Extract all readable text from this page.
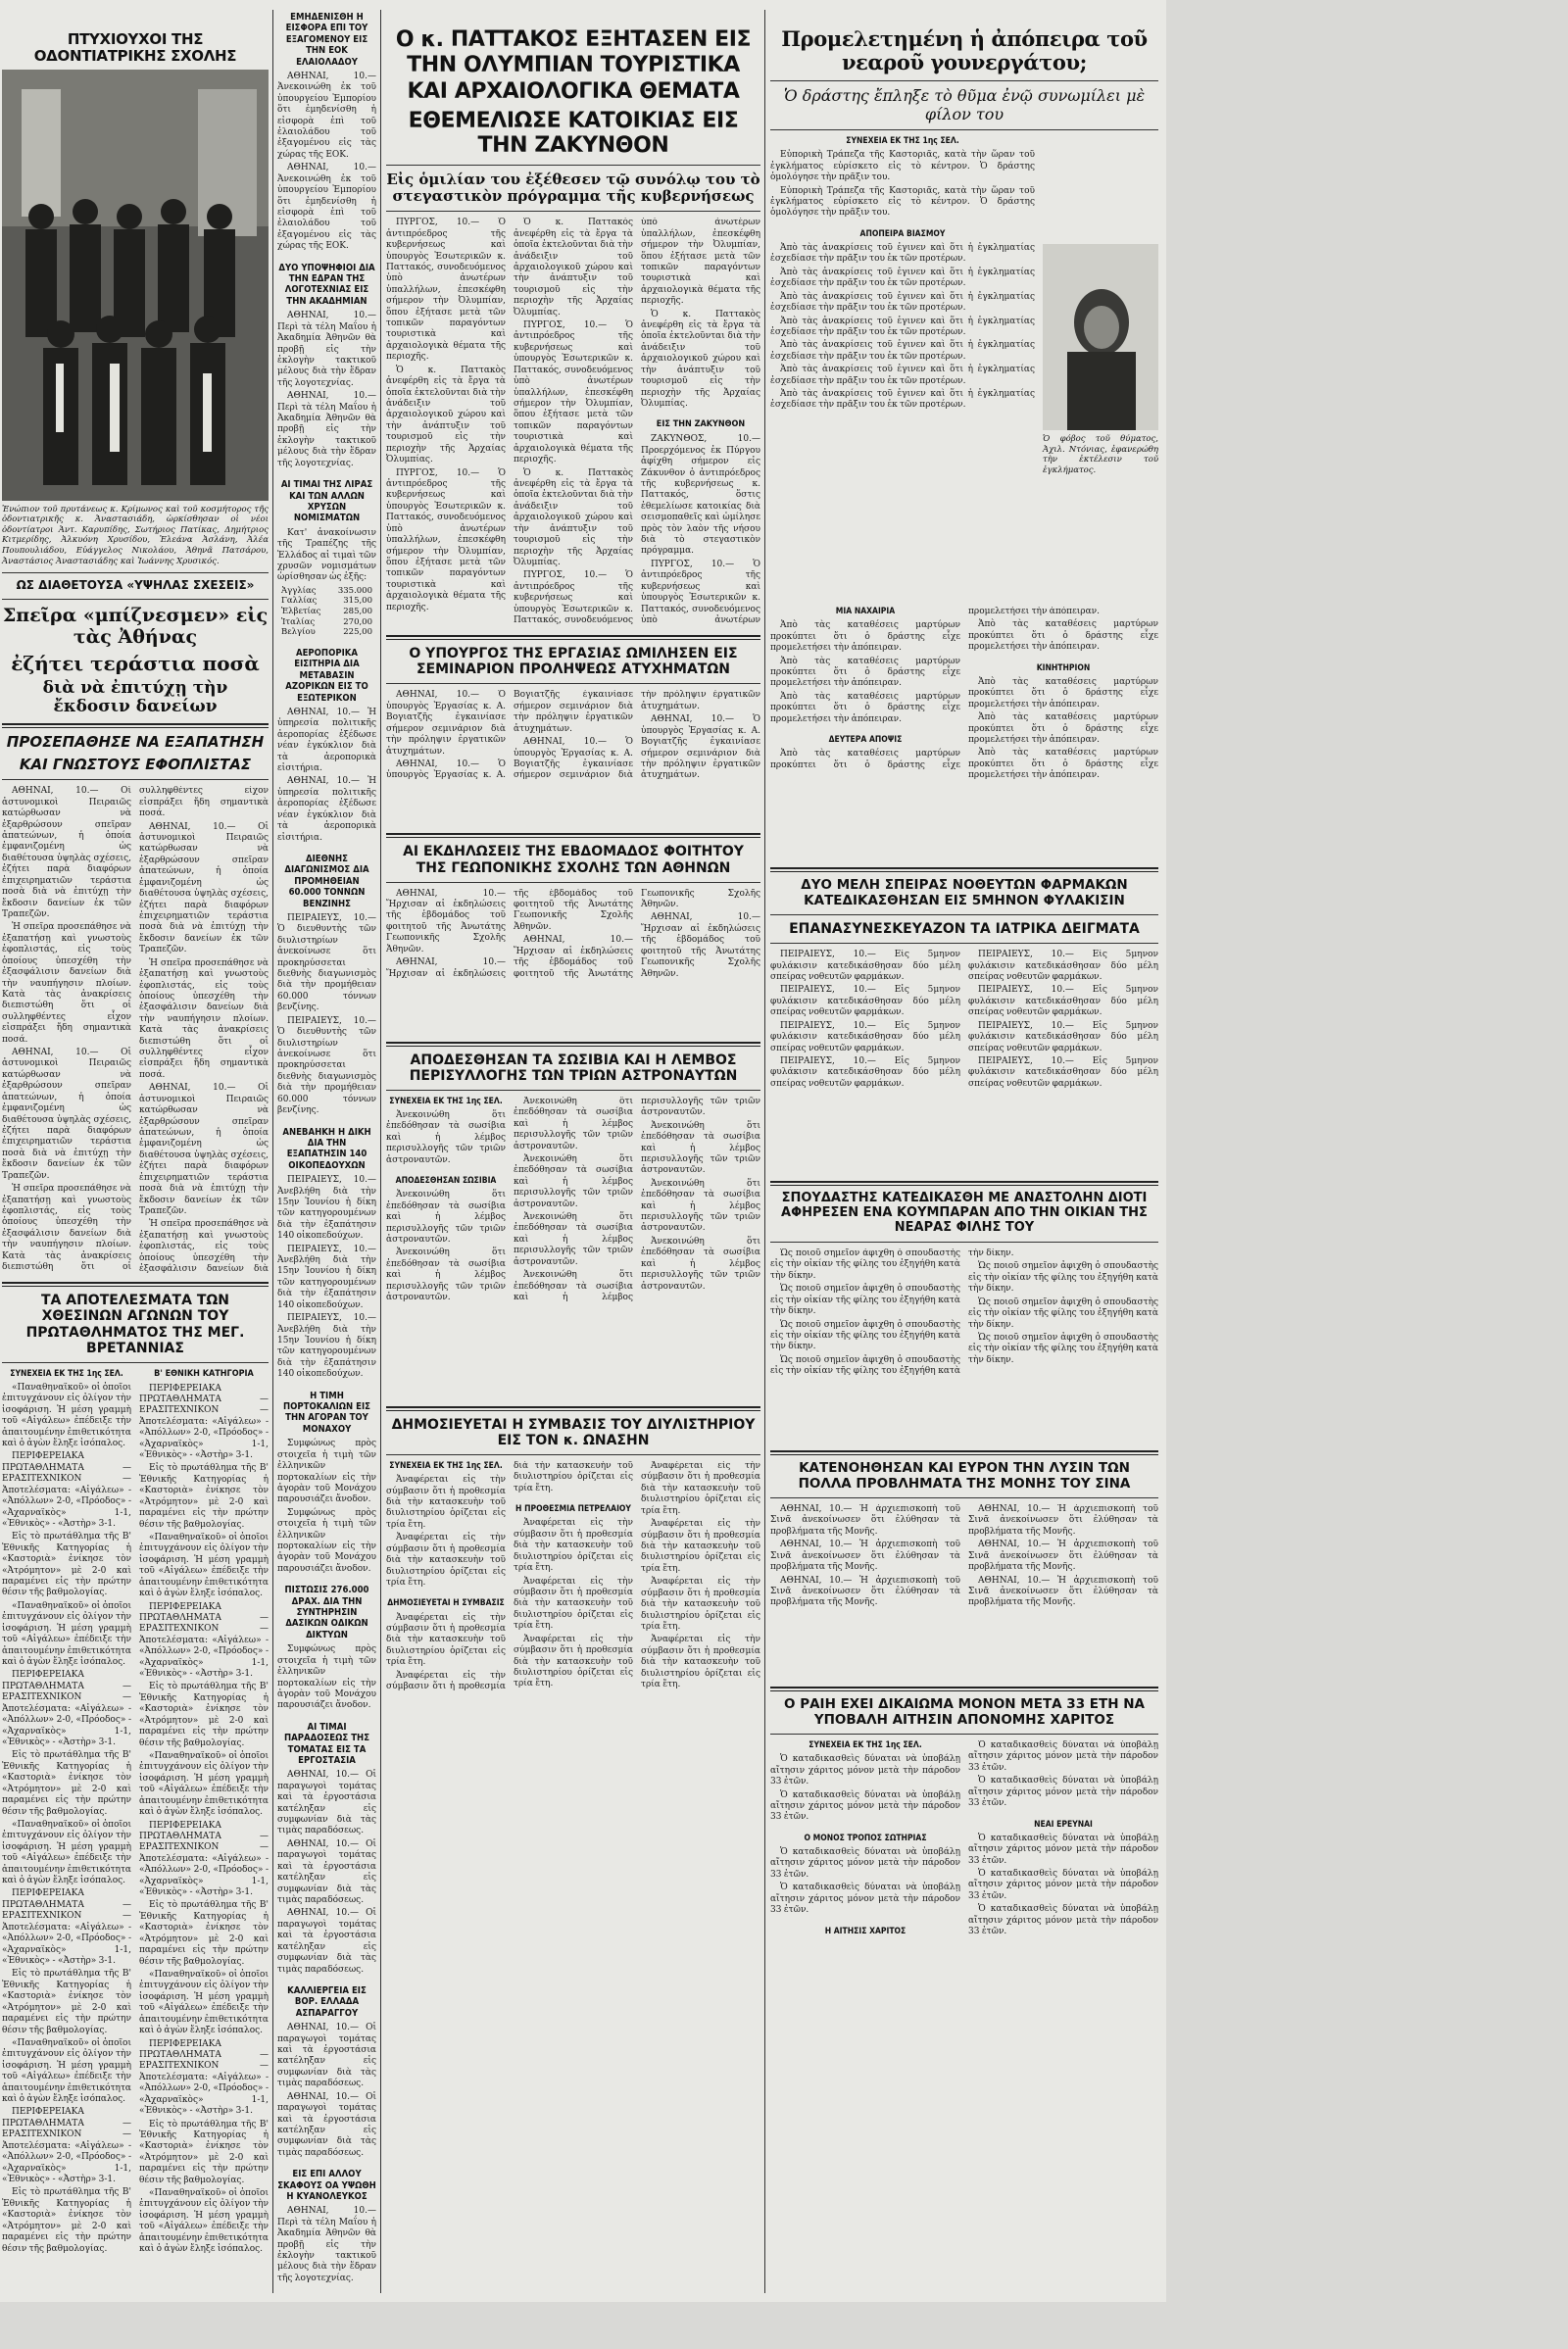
ΠΤΥΧΙΟΥΧΟΙ ΤΗΣ ΟΔΟΝΤΙΑΤΡΙΚΗΣ ΣΧΟΛΗΣ
Ἐνώπιον τοῦ πρυτάνεως κ. Κρίμωνος καὶ τοῦ κοσμήτορος τῆς ὀδοντιατρικῆς κ. Ἀναστασιάδη, ὡρκίσθησαν οἱ νέοι ὀδοντίατροι Ἀντ. Καρυπίδης, Σωτήριος Πατίκας, Δημήτριος Κιτμερίδης, Ἀλκυόνη Χρυσίδου, Ἐλεάνα Ἀσλάνη, Ἀλέα Πουπουλιάδου, Εὐάγγελος Νικολάου, Ἀθηνᾶ Πατσάρου, Ἀναστάσιος Ἀναστασιάδης καὶ Ἰωάννης Χρυσικός.
ΩΣ ΔΙΑΘΕΤΟΥΣΑ «ΥΨΗΛΑΣ ΣΧΕΣΕΙΣ»
Σπεῖρα «μπίζνεσμεν» εἰς τὰς Ἀθήνας
ἐζήτει τεράστια ποσὰ
διὰ νὰ ἐπιτύχῃ τὴν ἔκδοσιν δανείων
ΠΡΟΣΕΠΑΘΗΣΕ ΝΑ ΕΞΑΠΑΤΗΣΗ
ΚΑΙ ΓΝΩΣΤΟΥΣ ΕΦΟΠΛΙΣΤΑΣ

ΑΘΗΝΑΙ, 10.— Οἱ ἀστυνομικοὶ Πειραιῶς κατώρθωσαν νὰ ἐξαρθρώσουν σπεῖραν ἀπατεώνων, ἡ ὁποία ἐμφανιζομένη ὡς διαθέτουσα ὑψηλὰς σχέσεις, ἐζήτει παρὰ διαφόρων ἐπιχειρηματιῶν τεράστια ποσὰ διὰ νὰ ἐπιτύχῃ τὴν ἔκδοσιν δανείων ἐκ τῶν Τραπεζῶν.

Ἡ σπεῖρα προσεπάθησε νὰ ἐξαπατήσῃ καὶ γνωστοὺς ἐφοπλιστάς, εἰς τοὺς ὁποίους ὑπεσχέθη τὴν ἐξασφάλισιν δανείων διὰ τὴν ναυπήγησιν πλοίων. Κατὰ τὰς ἀνακρίσεις διεπιστώθη ὅτι οἱ συλληφθέντες εἶχον εἰσπράξει ἤδη σημαντικὰ ποσά.

ΑΘΗΝΑΙ, 10.— Οἱ ἀστυνομικοὶ Πειραιῶς κατώρθωσαν νὰ ἐξαρθρώσουν σπεῖραν ἀπατεώνων, ἡ ὁποία ἐμφανιζομένη ὡς διαθέτουσα ὑψηλὰς σχέσεις, ἐζήτει παρὰ διαφόρων ἐπιχειρηματιῶν τεράστια ποσὰ διὰ νὰ ἐπιτύχῃ τὴν ἔκδοσιν δανείων ἐκ τῶν Τραπεζῶν.

Ἡ σπεῖρα προσεπάθησε νὰ ἐξαπατήσῃ καὶ γνωστοὺς ἐφοπλιστάς, εἰς τοὺς ὁποίους ὑπεσχέθη τὴν ἐξασφάλισιν δανείων διὰ τὴν ναυπήγησιν πλοίων. Κατὰ τὰς ἀνακρίσεις διεπιστώθη ὅτι οἱ συλληφθέντες εἶχον εἰσπράξει ἤδη σημαντικὰ ποσά.

ΑΘΗΝΑΙ, 10.— Οἱ ἀστυνομικοὶ Πειραιῶς κατώρθωσαν νὰ ἐξαρθρώσουν σπεῖραν ἀπατεώνων, ἡ ὁποία ἐμφανιζομένη ὡς διαθέτουσα ὑψηλὰς σχέσεις, ἐζήτει παρὰ διαφόρων ἐπιχειρηματιῶν τεράστια ποσὰ διὰ νὰ ἐπιτύχῃ τὴν ἔκδοσιν δανείων ἐκ τῶν Τραπεζῶν.

Ἡ σπεῖρα προσεπάθησε νὰ ἐξαπατήσῃ καὶ γνωστοὺς ἐφοπλιστάς, εἰς τοὺς ὁποίους ὑπεσχέθη τὴν ἐξασφάλισιν δανείων διὰ τὴν ναυπήγησιν πλοίων. Κατὰ τὰς ἀνακρίσεις διεπιστώθη ὅτι οἱ συλληφθέντες εἶχον εἰσπράξει ἤδη σημαντικὰ ποσά.

ΑΘΗΝΑΙ, 10.— Οἱ ἀστυνομικοὶ Πειραιῶς κατώρθωσαν νὰ ἐξαρθρώσουν σπεῖραν ἀπατεώνων, ἡ ὁποία ἐμφανιζομένη ὡς διαθέτουσα ὑψηλὰς σχέσεις, ἐζήτει παρὰ διαφόρων ἐπιχειρηματιῶν τεράστια ποσὰ διὰ νὰ ἐπιτύχῃ τὴν ἔκδοσιν δανείων ἐκ τῶν Τραπεζῶν.

Ἡ σπεῖρα προσεπάθησε νὰ ἐξαπατήσῃ καὶ γνωστοὺς ἐφοπλιστάς, εἰς τοὺς ὁποίους ὑπεσχέθη τὴν ἐξασφάλισιν δανείων διὰ

ΤΑ ΑΠΟΤΕΛΕΣΜΑΤΑ ΤΩΝ ΧΘΕΣΙΝΩΝ ΑΓΩΝΩΝ ΤΟΥ ΠΡΩΤΑΘΛΗΜΑΤΟΣ ΤΗΣ ΜΕΓ. ΒΡΕΤΑΝΝΙΑΣ
ΣΥΝΕΧΕΙΑ ΕΚ ΤΗΣ 1ης ΣΕΛ.

«Παναθηναϊκοῦ» οἱ ὁποῖοι ἐπιτυγχάνουν εἰς ὀλίγον τὴν ἰσοφάριση. Ἡ μέση γραμμὴ τοῦ «Αἰγάλεω» ἐπέδειξε τὴν ἀπαιτουμένην ἐπιθετικότητα καὶ ὁ ἀγὼν ἔληξε ἰσόπαλος.

ΠΕΡΙΦΕΡΕΙΑΚΑ ΠΡΩΤΑΘΛΗΜΑΤΑ — ΕΡΑΣΙΤΕΧΝΙΚΟΝ — Ἀποτελέσματα: «Αἰγάλεω» - «Ἀπόλλων» 2-0, «Πρόοδος» - «Ἀχαρναϊκὸς» 1-1, «Ἐθνικὸς» - «Ἀστὴρ» 3-1.

Εἰς τὸ πρωτάθλημα τῆς Β' Ἐθνικῆς Κατηγορίας ἡ «Καστοριὰ» ἐνίκησε τὸν «Ἀτρόμητον» μὲ 2-0 καὶ παραμένει εἰς τὴν πρώτην θέσιν τῆς βαθμολογίας.

«Παναθηναϊκοῦ» οἱ ὁποῖοι ἐπιτυγχάνουν εἰς ὀλίγον τὴν ἰσοφάριση. Ἡ μέση γραμμὴ τοῦ «Αἰγάλεω» ἐπέδειξε τὴν ἀπαιτουμένην ἐπιθετικότητα καὶ ὁ ἀγὼν ἔληξε ἰσόπαλος.

ΠΕΡΙΦΕΡΕΙΑΚΑ ΠΡΩΤΑΘΛΗΜΑΤΑ — ΕΡΑΣΙΤΕΧΝΙΚΟΝ — Ἀποτελέσματα: «Αἰγάλεω» - «Ἀπόλλων» 2-0, «Πρόοδος» - «Ἀχαρναϊκὸς» 1-1, «Ἐθνικὸς» - «Ἀστὴρ» 3-1.

Εἰς τὸ πρωτάθλημα τῆς Β' Ἐθνικῆς Κατηγορίας ἡ «Καστοριὰ» ἐνίκησε τὸν «Ἀτρόμητον» μὲ 2-0 καὶ παραμένει εἰς τὴν πρώτην θέσιν τῆς βαθμολογίας.

«Παναθηναϊκοῦ» οἱ ὁποῖοι ἐπιτυγχάνουν εἰς ὀλίγον τὴν ἰσοφάριση. Ἡ μέση γραμμὴ τοῦ «Αἰγάλεω» ἐπέδειξε τὴν ἀπαιτουμένην ἐπιθετικότητα καὶ ὁ ἀγὼν ἔληξε ἰσόπαλος.

ΠΕΡΙΦΕΡΕΙΑΚΑ ΠΡΩΤΑΘΛΗΜΑΤΑ — ΕΡΑΣΙΤΕΧΝΙΚΟΝ — Ἀποτελέσματα: «Αἰγάλεω» - «Ἀπόλλων» 2-0, «Πρόοδος» - «Ἀχαρναϊκὸς» 1-1, «Ἐθνικὸς» - «Ἀστὴρ» 3-1.

Εἰς τὸ πρωτάθλημα τῆς Β' Ἐθνικῆς Κατηγορίας ἡ «Καστοριὰ» ἐνίκησε τὸν «Ἀτρόμητον» μὲ 2-0 καὶ παραμένει εἰς τὴν πρώτην θέσιν τῆς βαθμολογίας.

«Παναθηναϊκοῦ» οἱ ὁποῖοι ἐπιτυγχάνουν εἰς ὀλίγον τὴν ἰσοφάριση. Ἡ μέση γραμμὴ τοῦ «Αἰγάλεω» ἐπέδειξε τὴν ἀπαιτουμένην ἐπιθετικότητα καὶ ὁ ἀγὼν ἔληξε ἰσόπαλος.

ΠΕΡΙΦΕΡΕΙΑΚΑ ΠΡΩΤΑΘΛΗΜΑΤΑ — ΕΡΑΣΙΤΕΧΝΙΚΟΝ — Ἀποτελέσματα: «Αἰγάλεω» - «Ἀπόλλων» 2-0, «Πρόοδος» - «Ἀχαρναϊκὸς» 1-1, «Ἐθνικὸς» - «Ἀστὴρ» 3-1.

Εἰς τὸ πρωτάθλημα τῆς Β' Ἐθνικῆς Κατηγορίας ἡ «Καστοριὰ» ἐνίκησε τὸν «Ἀτρόμητον» μὲ 2-0 καὶ παραμένει εἰς τὴν πρώτην θέσιν τῆς βαθμολογίας.

Β' ΕΘΝΙΚΗ ΚΑΤΗΓΟΡΙΑ

ΠΕΡΙΦΕΡΕΙΑΚΑ ΠΡΩΤΑΘΛΗΜΑΤΑ — ΕΡΑΣΙΤΕΧΝΙΚΟΝ — Ἀποτελέσματα: «Αἰγάλεω» - «Ἀπόλλων» 2-0, «Πρόοδος» - «Ἀχαρναϊκὸς» 1-1, «Ἐθνικὸς» - «Ἀστὴρ» 3-1.

Εἰς τὸ πρωτάθλημα τῆς Β' Ἐθνικῆς Κατηγορίας ἡ «Καστοριὰ» ἐνίκησε τὸν «Ἀτρόμητον» μὲ 2-0 καὶ παραμένει εἰς τὴν πρώτην θέσιν τῆς βαθμολογίας.

«Παναθηναϊκοῦ» οἱ ὁποῖοι ἐπιτυγχάνουν εἰς ὀλίγον τὴν ἰσοφάριση. Ἡ μέση γραμμὴ τοῦ «Αἰγάλεω» ἐπέδειξε τὴν ἀπαιτουμένην ἐπιθετικότητα καὶ ὁ ἀγὼν ἔληξε ἰσόπαλος.

ΠΕΡΙΦΕΡΕΙΑΚΑ ΠΡΩΤΑΘΛΗΜΑΤΑ — ΕΡΑΣΙΤΕΧΝΙΚΟΝ — Ἀποτελέσματα: «Αἰγάλεω» - «Ἀπόλλων» 2-0, «Πρόοδος» - «Ἀχαρναϊκὸς» 1-1, «Ἐθνικὸς» - «Ἀστὴρ» 3-1.

Εἰς τὸ πρωτάθλημα τῆς Β' Ἐθνικῆς Κατηγορίας ἡ «Καστοριὰ» ἐνίκησε τὸν «Ἀτρόμητον» μὲ 2-0 καὶ παραμένει εἰς τὴν πρώτην θέσιν τῆς βαθμολογίας.

«Παναθηναϊκοῦ» οἱ ὁποῖοι ἐπιτυγχάνουν εἰς ὀλίγον τὴν ἰσοφάριση. Ἡ μέση γραμμὴ τοῦ «Αἰγάλεω» ἐπέδειξε τὴν ἀπαιτουμένην ἐπιθετικότητα καὶ ὁ ἀγὼν ἔληξε ἰσόπαλος.

ΠΕΡΙΦΕΡΕΙΑΚΑ ΠΡΩΤΑΘΛΗΜΑΤΑ — ΕΡΑΣΙΤΕΧΝΙΚΟΝ — Ἀποτελέσματα: «Αἰγάλεω» - «Ἀπόλλων» 2-0, «Πρόοδος» - «Ἀχαρναϊκὸς» 1-1, «Ἐθνικὸς» - «Ἀστὴρ» 3-1.

Εἰς τὸ πρωτάθλημα τῆς Β' Ἐθνικῆς Κατηγορίας ἡ «Καστοριὰ» ἐνίκησε τὸν «Ἀτρόμητον» μὲ 2-0 καὶ παραμένει εἰς τὴν πρώτην θέσιν τῆς βαθμολογίας.

«Παναθηναϊκοῦ» οἱ ὁποῖοι ἐπιτυγχάνουν εἰς ὀλίγον τὴν ἰσοφάριση. Ἡ μέση γραμμὴ τοῦ «Αἰγάλεω» ἐπέδειξε τὴν ἀπαιτουμένην ἐπιθετικότητα καὶ ὁ ἀγὼν ἔληξε ἰσόπαλος.

ΠΕΡΙΦΕΡΕΙΑΚΑ ΠΡΩΤΑΘΛΗΜΑΤΑ — ΕΡΑΣΙΤΕΧΝΙΚΟΝ — Ἀποτελέσματα: «Αἰγάλεω» - «Ἀπόλλων» 2-0, «Πρόοδος» - «Ἀχαρναϊκὸς» 1-1, «Ἐθνικὸς» - «Ἀστὴρ» 3-1.

Εἰς τὸ πρωτάθλημα τῆς Β' Ἐθνικῆς Κατηγορίας ἡ «Καστοριὰ» ἐνίκησε τὸν «Ἀτρόμητον» μὲ 2-0 καὶ παραμένει εἰς τὴν πρώτην θέσιν τῆς βαθμολογίας.

«Παναθηναϊκοῦ» οἱ ὁποῖοι ἐπιτυγχάνουν εἰς ὀλίγον τὴν ἰσοφάριση. Ἡ μέση γραμμὴ τοῦ «Αἰγάλεω» ἐπέδειξε τὴν ἀπαιτουμένην ἐπιθετικότητα καὶ ὁ ἀγὼν ἔληξε ἰσόπαλος.

ΕΜΗΔΕΝΙΣΘΗ Η ΕΙΣΦΟΡΑ ΕΠΙ ΤΟΥ ΕΞΑΓΟΜΕΝΟΥ ΕΙΣ ΤΗΝ ΕΟΚ ΕΛΑΙΟΛΑΔΟΥ

ΑΘΗΝΑΙ, 10.— Ἀνεκοινώθη ἐκ τοῦ ὑπουργείου Ἐμπορίου ὅτι ἐμηδενίσθη ἡ εἰσφορὰ ἐπὶ τοῦ ἐλαιολάδου τοῦ ἐξαγομένου εἰς τὰς χώρας τῆς ΕΟΚ.

ΑΘΗΝΑΙ, 10.— Ἀνεκοινώθη ἐκ τοῦ ὑπουργείου Ἐμπορίου ὅτι ἐμηδενίσθη ἡ εἰσφορὰ ἐπὶ τοῦ ἐλαιολάδου τοῦ ἐξαγομένου εἰς τὰς χώρας τῆς ΕΟΚ.

ΔΥΟ ΥΠΟΨΗΦΙΟΙ ΔΙΑ ΤΗΝ ΕΔΡΑΝ ΤΗΣ ΛΟΓΟΤΕΧΝΙΑΣ ΕΙΣ ΤΗΝ ΑΚΑΔΗΜΙΑΝ

ΑΘΗΝΑΙ, 10.— Περὶ τὰ τέλη Μαΐου ἡ Ἀκαδημία Ἀθηνῶν θὰ προβῇ εἰς τὴν ἐκλογὴν τακτικοῦ μέλους διὰ τὴν ἕδραν τῆς λογοτεχνίας.

ΑΘΗΝΑΙ, 10.— Περὶ τὰ τέλη Μαΐου ἡ Ἀκαδημία Ἀθηνῶν θὰ προβῇ εἰς τὴν ἐκλογὴν τακτικοῦ μέλους διὰ τὴν ἕδραν τῆς λογοτεχνίας.

ΑΙ ΤΙΜΑΙ ΤΗΣ ΛΙΡΑΣ ΚΑΙ ΤΩΝ ΑΛΛΩΝ ΧΡΥΣΩΝ ΝΟΜΙΣΜΑΤΩΝ

Κατ' ἀνακοίνωσιν τῆς Τραπέζης τῆς Ἑλλάδος αἱ τιμαὶ τῶν χρυσῶν νομισμάτων ὡρίσθησαν ὡς ἑξῆς:

Ἀγγλίας	335.000
Γαλλίας	315,00
Ἑλβετίας	285,00
Ἰταλίας	270,00
Βελγίου	225,00
ΑΕΡΟΠΟΡΙΚΑ ΕΙΣΙΤΗΡΙΑ ΔΙΑ ΜΕΤΑΒΑΣΙΝ ΑΖΟΡΙΚΩΝ ΕΙΣ ΤΟ ΕΞΩΤΕΡΙΚΟΝ

ΑΘΗΝΑΙ, 10.— Ἡ ὑπηρεσία πολιτικῆς ἀεροπορίας ἐξέδωσε νέαν ἐγκύκλιον διὰ τὰ ἀεροπορικὰ εἰσιτήρια.

ΑΘΗΝΑΙ, 10.— Ἡ ὑπηρεσία πολιτικῆς ἀεροπορίας ἐξέδωσε νέαν ἐγκύκλιον διὰ τὰ ἀεροπορικὰ εἰσιτήρια.

ΔΙΕΘΝΗΣ ΔΙΑΓΩΝΙΣΜΟΣ ΔΙΑ ΠΡΟΜΗΘΕΙΑΝ 60.000 ΤΟΝΝΩΝ ΒΕΝΖΙΝΗΣ

ΠΕΙΡΑΙΕΥΣ, 10.— Ὁ διευθυντὴς τῶν διυλιστηρίων ἀνεκοίνωσε ὅτι προκηρύσσεται διεθνὴς διαγωνισμὸς διὰ τὴν προμήθειαν 60.000 τόννων βενζίνης.

ΠΕΙΡΑΙΕΥΣ, 10.— Ὁ διευθυντὴς τῶν διυλιστηρίων ἀνεκοίνωσε ὅτι προκηρύσσεται διεθνὴς διαγωνισμὸς διὰ τὴν προμήθειαν 60.000 τόννων βενζίνης.

ΑΝΕΒΑΗΚΗ Η ΔΙΚΗ ΔΙΑ ΤΗΝ ΕΞΑΠΑΤΗΣΙΝ 140 ΟΙΚΟΠΕΔΟΥΧΩΝ

ΠΕΙΡΑΙΕΥΣ, 10.— Ἀνεβλήθη διὰ τὴν 15ην Ἰουνίου ἡ δίκη τῶν κατηγορουμένων διὰ τὴν ἐξαπάτησιν 140 οἰκοπεδούχων.

ΠΕΙΡΑΙΕΥΣ, 10.— Ἀνεβλήθη διὰ τὴν 15ην Ἰουνίου ἡ δίκη τῶν κατηγορουμένων διὰ τὴν ἐξαπάτησιν 140 οἰκοπεδούχων.

ΠΕΙΡΑΙΕΥΣ, 10.— Ἀνεβλήθη διὰ τὴν 15ην Ἰουνίου ἡ δίκη τῶν κατηγορουμένων διὰ τὴν ἐξαπάτησιν 140 οἰκοπεδούχων.

Η ΤΙΜΗ ΠΟΡΤΟΚΑΛΙΩΝ ΕΙΣ ΤΗΝ ΑΓΟΡΑΝ ΤΟΥ ΜΟΝΑΧΟΥ

Συμφώνως πρὸς στοιχεῖα ἡ τιμὴ τῶν ἑλληνικῶν πορτοκαλίων εἰς τὴν ἀγορὰν τοῦ Μονάχου παρουσιάζει ἄνοδον.

Συμφώνως πρὸς στοιχεῖα ἡ τιμὴ τῶν ἑλληνικῶν πορτοκαλίων εἰς τὴν ἀγορὰν τοῦ Μονάχου παρουσιάζει ἄνοδον.

ΠΙΣΤΩΣΙΣ 276.000 ΔΡΑΧ. ΔΙΑ ΤΗΝ ΣΥΝΤΗΡΗΣΙΝ ΔΑΣΙΚΩΝ ΟΔΙΚΩΝ ΔΙΚΤΥΩΝ

Συμφώνως πρὸς στοιχεῖα ἡ τιμὴ τῶν ἑλληνικῶν πορτοκαλίων εἰς τὴν ἀγορὰν τοῦ Μονάχου παρουσιάζει ἄνοδον.

ΑΙ ΤΙΜΑΙ ΠΑΡΑΔΟΣΕΩΣ ΤΗΣ ΤΟΜΑΤΑΣ ΕΙΣ ΤΑ ΕΡΓΟΣΤΑΣΙΑ

ΑΘΗΝΑΙ, 10.— Οἱ παραγωγοὶ τομάτας καὶ τὰ ἐργοστάσια κατέληξαν εἰς συμφωνίαν διὰ τὰς τιμὰς παραδόσεως.

ΑΘΗΝΑΙ, 10.— Οἱ παραγωγοὶ τομάτας καὶ τὰ ἐργοστάσια κατέληξαν εἰς συμφωνίαν διὰ τὰς τιμὰς παραδόσεως.

ΑΘΗΝΑΙ, 10.— Οἱ παραγωγοὶ τομάτας καὶ τὰ ἐργοστάσια κατέληξαν εἰς συμφωνίαν διὰ τὰς τιμὰς παραδόσεως.

ΚΑΛΛΙΕΡΓΕΙΑ ΕΙΣ ΒΟΡ. ΕΛΛΑΔΑ ΑΣΠΑΡΑΓΓΟΥ

ΑΘΗΝΑΙ, 10.— Οἱ παραγωγοὶ τομάτας καὶ τὰ ἐργοστάσια κατέληξαν εἰς συμφωνίαν διὰ τὰς τιμὰς παραδόσεως.

ΑΘΗΝΑΙ, 10.— Οἱ παραγωγοὶ τομάτας καὶ τὰ ἐργοστάσια κατέληξαν εἰς συμφωνίαν διὰ τὰς τιμὰς παραδόσεως.

ΕΙΣ ΕΠΙ ΑΛΛΟΥ ΣΚΑΦΟΥΣ ΟΑ ΥΨΩΘΗ Η ΚΥΑΝΟΛΕΥΚΟΣ

ΑΘΗΝΑΙ, 10.— Περὶ τὰ τέλη Μαΐου ἡ Ἀκαδημία Ἀθηνῶν θὰ προβῇ εἰς τὴν ἐκλογὴν τακτικοῦ μέλους διὰ τὴν ἕδραν τῆς λογοτεχνίας.

Ο κ. ΠΑΤΤΑΚΟΣ ΕΞΗΤΑΣΕΝ ΕΙΣ ΤΗΝ ΟΛΥΜΠΙΑΝ ΤΟΥΡΙΣΤΙΚΑ ΚΑΙ ΑΡΧΑΙΟΛΟΓΙΚΑ ΘΕΜΑΤΑ
ΕΘΕΜΕΛΙΩΣΕ ΚΑΤΟΙΚΙΑΣ ΕΙΣ ΤΗΝ ΖΑΚΥΝΘΟΝ
Εἰς ὁμιλίαν του ἐξέθεσεν τῷ συνόλῳ του τὸ στεγαστικὸν πρόγραμμα τῆς κυβερνήσεως

ΠΥΡΓΟΣ, 10.— Ὁ ἀντιπρόεδρος τῆς κυβερνήσεως καὶ ὑπουργὸς Ἐσωτερικῶν κ. Παττακός, συνοδευόμενος ὑπὸ ἀνωτέρων ὑπαλλήλων, ἐπεσκέφθη σήμερον τὴν Ὀλυμπίαν, ὅπου ἐξήτασε μετὰ τῶν τοπικῶν παραγόντων τουριστικὰ καὶ ἀρχαιολογικὰ θέματα τῆς περιοχῆς.

Ὁ κ. Παττακὸς ἀνεφέρθη εἰς τὰ ἔργα τὰ ὁποῖα ἐκτελοῦνται διὰ τὴν ἀνάδειξιν τοῦ ἀρχαιολογικοῦ χώρου καὶ τὴν ἀνάπτυξιν τοῦ τουρισμοῦ εἰς τὴν περιοχὴν τῆς Ἀρχαίας Ὀλυμπίας.

ΠΥΡΓΟΣ, 10.— Ὁ ἀντιπρόεδρος τῆς κυβερνήσεως καὶ ὑπουργὸς Ἐσωτερικῶν κ. Παττακός, συνοδευόμενος ὑπὸ ἀνωτέρων ὑπαλλήλων, ἐπεσκέφθη σήμερον τὴν Ὀλυμπίαν, ὅπου ἐξήτασε μετὰ τῶν τοπικῶν παραγόντων τουριστικὰ καὶ ἀρχαιολογικὰ θέματα τῆς περιοχῆς.

Ὁ κ. Παττακὸς ἀνεφέρθη εἰς τὰ ἔργα τὰ ὁποῖα ἐκτελοῦνται διὰ τὴν ἀνάδειξιν τοῦ ἀρχαιολογικοῦ χώρου καὶ τὴν ἀνάπτυξιν τοῦ τουρισμοῦ εἰς τὴν περιοχὴν τῆς Ἀρχαίας Ὀλυμπίας.

ΠΥΡΓΟΣ, 10.— Ὁ ἀντιπρόεδρος τῆς κυβερνήσεως καὶ ὑπουργὸς Ἐσωτερικῶν κ. Παττακός, συνοδευόμενος ὑπὸ ἀνωτέρων ὑπαλλήλων, ἐπεσκέφθη σήμερον τὴν Ὀλυμπίαν, ὅπου ἐξήτασε μετὰ τῶν τοπικῶν παραγόντων τουριστικὰ καὶ ἀρχαιολογικὰ θέματα τῆς περιοχῆς.

Ὁ κ. Παττακὸς ἀνεφέρθη εἰς τὰ ἔργα τὰ ὁποῖα ἐκτελοῦνται διὰ τὴν ἀνάδειξιν τοῦ ἀρχαιολογικοῦ χώρου καὶ τὴν ἀνάπτυξιν τοῦ τουρισμοῦ εἰς τὴν περιοχὴν τῆς Ἀρχαίας Ὀλυμπίας.

ΠΥΡΓΟΣ, 10.— Ὁ ἀντιπρόεδρος τῆς κυβερνήσεως καὶ ὑπουργὸς Ἐσωτερικῶν κ. Παττακός, συνοδευόμενος ὑπὸ ἀνωτέρων ὑπαλλήλων, ἐπεσκέφθη σήμερον τὴν Ὀλυμπίαν, ὅπου ἐξήτασε μετὰ τῶν τοπικῶν παραγόντων τουριστικὰ καὶ ἀρχαιολογικὰ θέματα τῆς περιοχῆς.

Ὁ κ. Παττακὸς ἀνεφέρθη εἰς τὰ ἔργα τὰ ὁποῖα ἐκτελοῦνται διὰ τὴν ἀνάδειξιν τοῦ ἀρχαιολογικοῦ χώρου καὶ τὴν ἀνάπτυξιν τοῦ τουρισμοῦ εἰς τὴν περιοχὴν τῆς Ἀρχαίας Ὀλυμπίας.

ΕΙΣ ΤΗΝ ΖΑΚΥΝΘΟΝ

ΖΑΚΥΝΘΟΣ, 10.— Προερχόμενος ἐκ Πύργου ἀφίχθη σήμερον εἰς Ζάκυνθον ὁ ἀντιπρόεδρος τῆς κυβερνήσεως κ. Παττακός, ὅστις ἐθεμελίωσε κατοικίας διὰ σεισμοπαθεῖς καὶ ὡμίλησε πρὸς τὸν λαὸν τῆς νήσου διὰ τὸ στεγαστικὸν πρόγραμμα.

ΠΥΡΓΟΣ, 10.— Ὁ ἀντιπρόεδρος τῆς κυβερνήσεως καὶ ὑπουργὸς Ἐσωτερικῶν κ. Παττακός, συνοδευόμενος ὑπὸ ἀνωτέρων

Ο ΥΠΟΥΡΓΟΣ ΤΗΣ ΕΡΓΑΣΙΑΣ ΩΜΙΛΗΣΕΝ ΕΙΣ ΣΕΜΙΝΑΡΙΟΝ ΠΡΟΛΗΨΕΩΣ ΑΤΥΧΗΜΑΤΩΝ

ΑΘΗΝΑΙ, 10.— Ὁ ὑπουργὸς Ἐργασίας κ. Α. Βογιατζῆς ἐγκαινίασε σήμερον σεμινάριον διὰ τὴν πρόληψιν ἐργατικῶν ἀτυχημάτων.

ΑΘΗΝΑΙ, 10.— Ὁ ὑπουργὸς Ἐργασίας κ. Α. Βογιατζῆς ἐγκαινίασε σήμερον σεμινάριον διὰ τὴν πρόληψιν ἐργατικῶν ἀτυχημάτων.

ΑΘΗΝΑΙ, 10.— Ὁ ὑπουργὸς Ἐργασίας κ. Α. Βογιατζῆς ἐγκαινίασε σήμερον σεμινάριον διὰ τὴν πρόληψιν ἐργατικῶν ἀτυχημάτων.

ΑΘΗΝΑΙ, 10.— Ὁ ὑπουργὸς Ἐργασίας κ. Α. Βογιατζῆς ἐγκαινίασε σήμερον σεμινάριον διὰ τὴν πρόληψιν ἐργατικῶν ἀτυχημάτων.

ΑΙ ΕΚΔΗΛΩΣΕΙΣ ΤΗΣ ΕΒΔΟΜΑΔΟΣ ΦΟΙΤΗΤΟΥ ΤΗΣ ΓΕΩΠΟΝΙΚΗΣ ΣΧΟΛΗΣ ΤΩΝ ΑΘΗΝΩΝ

ΑΘΗΝΑΙ, 10.— Ἤρχισαν αἱ ἐκδηλώσεις τῆς ἑβδομάδος τοῦ φοιτητοῦ τῆς Ἀνωτάτης Γεωπονικῆς Σχολῆς Ἀθηνῶν.

ΑΘΗΝΑΙ, 10.— Ἤρχισαν αἱ ἐκδηλώσεις τῆς ἑβδομάδος τοῦ φοιτητοῦ τῆς Ἀνωτάτης Γεωπονικῆς Σχολῆς Ἀθηνῶν.

ΑΘΗΝΑΙ, 10.— Ἤρχισαν αἱ ἐκδηλώσεις τῆς ἑβδομάδος τοῦ φοιτητοῦ τῆς Ἀνωτάτης Γεωπονικῆς Σχολῆς Ἀθηνῶν.

ΑΘΗΝΑΙ, 10.— Ἤρχισαν αἱ ἐκδηλώσεις τῆς ἑβδομάδος τοῦ φοιτητοῦ τῆς Ἀνωτάτης Γεωπονικῆς Σχολῆς Ἀθηνῶν.

ΑΠΟΔΕΣΘΗΣΑΝ ΤΑ ΣΩΣΙΒΙΑ ΚΑΙ Η ΛΕΜΒΟΣ ΠΕΡΙΣΥΛΛΟΓΗΣ ΤΩΝ ΤΡΙΩΝ ΑΣΤΡΟΝΑΥΤΩΝ
ΣΥΝΕΧΕΙΑ ΕΚ ΤΗΣ 1ης ΣΕΛ.

Ἀνεκοινώθη ὅτι ἐπεδόθησαν τὰ σωσίβια καὶ ἡ λέμβος περισυλλογῆς τῶν τριῶν ἀστροναυτῶν.

ΑΠΟΔΕΣΘΗΣΑΝ ΣΩΣΙΒΙΑ

Ἀνεκοινώθη ὅτι ἐπεδόθησαν τὰ σωσίβια καὶ ἡ λέμβος περισυλλογῆς τῶν τριῶν ἀστροναυτῶν.

Ἀνεκοινώθη ὅτι ἐπεδόθησαν τὰ σωσίβια καὶ ἡ λέμβος περισυλλογῆς τῶν τριῶν ἀστροναυτῶν.

Ἀνεκοινώθη ὅτι ἐπεδόθησαν τὰ σωσίβια καὶ ἡ λέμβος περισυλλογῆς τῶν τριῶν ἀστροναυτῶν.

Ἀνεκοινώθη ὅτι ἐπεδόθησαν τὰ σωσίβια καὶ ἡ λέμβος περισυλλογῆς τῶν τριῶν ἀστροναυτῶν.

Ἀνεκοινώθη ὅτι ἐπεδόθησαν τὰ σωσίβια καὶ ἡ λέμβος περισυλλογῆς τῶν τριῶν ἀστροναυτῶν.

Ἀνεκοινώθη ὅτι ἐπεδόθησαν τὰ σωσίβια καὶ ἡ λέμβος περισυλλογῆς τῶν τριῶν ἀστροναυτῶν.

Ἀνεκοινώθη ὅτι ἐπεδόθησαν τὰ σωσίβια καὶ ἡ λέμβος περισυλλογῆς τῶν τριῶν ἀστροναυτῶν.

Ἀνεκοινώθη ὅτι ἐπεδόθησαν τὰ σωσίβια καὶ ἡ λέμβος περισυλλογῆς τῶν τριῶν ἀστροναυτῶν.

Ἀνεκοινώθη ὅτι ἐπεδόθησαν τὰ σωσίβια καὶ ἡ λέμβος περισυλλογῆς τῶν τριῶν ἀστροναυτῶν.

ΔΗΜΟΣΙΕΥΕΤΑΙ Η ΣΥΜΒΑΣΙΣ ΤΟΥ ΔΙΥΛΙΣΤΗΡΙΟΥ ΕΙΣ ΤΟΝ κ. ΩΝΑΣΗΝ
ΣΥΝΕΧΕΙΑ ΕΚ ΤΗΣ 1ης ΣΕΛ.

Ἀναφέρεται εἰς τὴν σύμβασιν ὅτι ἡ προθεσμία διὰ τὴν κατασκευὴν τοῦ διυλιστηρίου ὁρίζεται εἰς τρία ἔτη.

Ἀναφέρεται εἰς τὴν σύμβασιν ὅτι ἡ προθεσμία διὰ τὴν κατασκευὴν τοῦ διυλιστηρίου ὁρίζεται εἰς τρία ἔτη.

ΔΗΜΟΣΙΕΥΕΤΑΙ Η ΣΥΜΒΑΣΙΣ

Ἀναφέρεται εἰς τὴν σύμβασιν ὅτι ἡ προθεσμία διὰ τὴν κατασκευὴν τοῦ διυλιστηρίου ὁρίζεται εἰς τρία ἔτη.

Ἀναφέρεται εἰς τὴν σύμβασιν ὅτι ἡ προθεσμία διὰ τὴν κατασκευὴν τοῦ διυλιστηρίου ὁρίζεται εἰς τρία ἔτη.

Η ΠΡΟΘΕΣΜΙΑ ΠΕΤΡΕΛΑΙΟΥ

Ἀναφέρεται εἰς τὴν σύμβασιν ὅτι ἡ προθεσμία διὰ τὴν κατασκευὴν τοῦ διυλιστηρίου ὁρίζεται εἰς τρία ἔτη.

Ἀναφέρεται εἰς τὴν σύμβασιν ὅτι ἡ προθεσμία διὰ τὴν κατασκευὴν τοῦ διυλιστηρίου ὁρίζεται εἰς τρία ἔτη.

Ἀναφέρεται εἰς τὴν σύμβασιν ὅτι ἡ προθεσμία διὰ τὴν κατασκευὴν τοῦ διυλιστηρίου ὁρίζεται εἰς τρία ἔτη.

Ἀναφέρεται εἰς τὴν σύμβασιν ὅτι ἡ προθεσμία διὰ τὴν κατασκευὴν τοῦ διυλιστηρίου ὁρίζεται εἰς τρία ἔτη.

Ἀναφέρεται εἰς τὴν σύμβασιν ὅτι ἡ προθεσμία διὰ τὴν κατασκευὴν τοῦ διυλιστηρίου ὁρίζεται εἰς τρία ἔτη.

Ἀναφέρεται εἰς τὴν σύμβασιν ὅτι ἡ προθεσμία διὰ τὴν κατασκευὴν τοῦ διυλιστηρίου ὁρίζεται εἰς τρία ἔτη.

Ἀναφέρεται εἰς τὴν σύμβασιν ὅτι ἡ προθεσμία διὰ τὴν κατασκευὴν τοῦ διυλιστηρίου ὁρίζεται εἰς τρία ἔτη.

Προμελετημένη ἡ ἀπόπειρα τοῦ νεαροῦ γουνεργάτου;
Ὁ δράστης ἔπληξε τὸ θῦμα ἐνῷ συνωμίλει μὲ φίλον του
ΣΥΝΕΧΕΙΑ ΕΚ ΤΗΣ 1ης ΣΕΛ.

Εὐπορικὴ Τράπεζα τῆς Καστοριᾶς, κατὰ τὴν ὥραν τοῦ ἐγκλήματος εὑρίσκετο εἰς τὸ κέντρον. Ὁ δράστης ὁμολόγησε τὴν πρᾶξιν του.

Εὐπορικὴ Τράπεζα τῆς Καστοριᾶς, κατὰ τὴν ὥραν τοῦ ἐγκλήματος εὑρίσκετο εἰς τὸ κέντρον. Ὁ δράστης ὁμολόγησε τὴν πρᾶξιν του.

ΑΠΟΠΕΙΡΑ ΒΙΑΣΜΟΥ

Ἀπὸ τὰς ἀνακρίσεις τοῦ ἐγινεν καὶ ὅτι ἡ ἐγκληματίας ἐσχεδίασε τὴν πρᾶξιν του ἐκ τῶν προτέρων.

Ἀπὸ τὰς ἀνακρίσεις τοῦ ἐγινεν καὶ ὅτι ἡ ἐγκληματίας ἐσχεδίασε τὴν πρᾶξιν του ἐκ τῶν προτέρων.

Ἀπὸ τὰς ἀνακρίσεις τοῦ ἐγινεν καὶ ὅτι ἡ ἐγκληματίας ἐσχεδίασε τὴν πρᾶξιν του ἐκ τῶν προτέρων.

Ἀπὸ τὰς ἀνακρίσεις τοῦ ἐγινεν καὶ ὅτι ἡ ἐγκληματίας ἐσχεδίασε τὴν πρᾶξιν του ἐκ τῶν προτέρων.

Ἀπὸ τὰς ἀνακρίσεις τοῦ ἐγινεν καὶ ὅτι ἡ ἐγκληματίας ἐσχεδίασε τὴν πρᾶξιν του ἐκ τῶν προτέρων.

Ἀπὸ τὰς ἀνακρίσεις τοῦ ἐγινεν καὶ ὅτι ἡ ἐγκληματίας ἐσχεδίασε τὴν πρᾶξιν του ἐκ τῶν προτέρων.

Ἀπὸ τὰς ἀνακρίσεις τοῦ ἐγινεν καὶ ὅτι ἡ ἐγκληματίας ἐσχεδίασε τὴν πρᾶξιν του ἐκ τῶν προτέρων.

Ὁ φόβος τοῦ θύματος, Ἀχιλ. Ντόνιας, ἐφανερώθη τὴν ἐκτέλεσιν τοῦ ἐγκλήματος.
ΜΙΑ ΝΑΧΑΙΡΙΑ

Ἀπὸ τὰς καταθέσεις μαρτύρων προκύπτει ὅτι ὁ δράστης εἶχε προμελετήσει τὴν ἀπόπειραν.

Ἀπὸ τὰς καταθέσεις μαρτύρων προκύπτει ὅτι ὁ δράστης εἶχε προμελετήσει τὴν ἀπόπειραν.

Ἀπὸ τὰς καταθέσεις μαρτύρων προκύπτει ὅτι ὁ δράστης εἶχε προμελετήσει τὴν ἀπόπειραν.

ΔΕΥΤΕΡΑ ΑΠΟΨΙΣ

Ἀπὸ τὰς καταθέσεις μαρτύρων προκύπτει ὅτι ὁ δράστης εἶχε προμελετήσει τὴν ἀπόπειραν.

Ἀπὸ τὰς καταθέσεις μαρτύρων προκύπτει ὅτι ὁ δράστης εἶχε προμελετήσει τὴν ἀπόπειραν.

ΚΙΝΗΤΗΡΙΟΝ

Ἀπὸ τὰς καταθέσεις μαρτύρων προκύπτει ὅτι ὁ δράστης εἶχε προμελετήσει τὴν ἀπόπειραν.

Ἀπὸ τὰς καταθέσεις μαρτύρων προκύπτει ὅτι ὁ δράστης εἶχε προμελετήσει τὴν ἀπόπειραν.

Ἀπὸ τὰς καταθέσεις μαρτύρων προκύπτει ὅτι ὁ δράστης εἶχε προμελετήσει τὴν ἀπόπειραν.

ΔΥΟ ΜΕΛΗ ΣΠΕΙΡΑΣ ΝΟΘΕΥΤΩΝ ΦΑΡΜΑΚΩΝ ΚΑΤΕΔΙΚΑΣΘΗΣΑΝ ΕΙΣ 5ΜΗΝΟΝ ΦΥΛΑΚΙΣΙΝ
ΕΠΑΝΑΣΥΝΕΣΚΕΥΑΖΟΝ ΤΑ ΙΑΤΡΙΚΑ ΔΕΙΓΜΑΤΑ

ΠΕΙΡΑΙΕΥΣ, 10.— Εἰς 5μηνον φυλάκισιν κατεδικάσθησαν δύο μέλη σπείρας νοθευτῶν φαρμάκων.

ΠΕΙΡΑΙΕΥΣ, 10.— Εἰς 5μηνον φυλάκισιν κατεδικάσθησαν δύο μέλη σπείρας νοθευτῶν φαρμάκων.

ΠΕΙΡΑΙΕΥΣ, 10.— Εἰς 5μηνον φυλάκισιν κατεδικάσθησαν δύο μέλη σπείρας νοθευτῶν φαρμάκων.

ΠΕΙΡΑΙΕΥΣ, 10.— Εἰς 5μηνον φυλάκισιν κατεδικάσθησαν δύο μέλη σπείρας νοθευτῶν φαρμάκων.

ΠΕΙΡΑΙΕΥΣ, 10.— Εἰς 5μηνον φυλάκισιν κατεδικάσθησαν δύο μέλη σπείρας νοθευτῶν φαρμάκων.

ΠΕΙΡΑΙΕΥΣ, 10.— Εἰς 5μηνον φυλάκισιν κατεδικάσθησαν δύο μέλη σπείρας νοθευτῶν φαρμάκων.

ΠΕΙΡΑΙΕΥΣ, 10.— Εἰς 5μηνον φυλάκισιν κατεδικάσθησαν δύο μέλη σπείρας νοθευτῶν φαρμάκων.

ΠΕΙΡΑΙΕΥΣ, 10.— Εἰς 5μηνον φυλάκισιν κατεδικάσθησαν δύο μέλη σπείρας νοθευτῶν φαρμάκων.

ΣΠΟΥΔΑΣΤΗΣ ΚΑΤΕΔΙΚΑΣΘΗ ΜΕ ΑΝΑΣΤΟΛΗΝ ΔΙΟΤΙ ΑΦΗΡΕΣΕΝ ΕΝΑ ΚΟΥΜΠΑΡΑΝ ΑΠΟ ΤΗΝ ΟΙΚΙΑΝ ΤΗΣ ΝΕΑΡΑΣ ΦΙΛΗΣ ΤΟΥ

Ὡς ποιοῦ σημεῖον ἀφιχθη ὁ σπουδαστὴς εἰς τὴν οἰκίαν τῆς φίλης του ἐξηγήθη κατὰ τὴν δίκην.

Ὡς ποιοῦ σημεῖον ἀφιχθη ὁ σπουδαστὴς εἰς τὴν οἰκίαν τῆς φίλης του ἐξηγήθη κατὰ τὴν δίκην.

Ὡς ποιοῦ σημεῖον ἀφιχθη ὁ σπουδαστὴς εἰς τὴν οἰκίαν τῆς φίλης του ἐξηγήθη κατὰ τὴν δίκην.

Ὡς ποιοῦ σημεῖον ἀφιχθη ὁ σπουδαστὴς εἰς τὴν οἰκίαν τῆς φίλης του ἐξηγήθη κατὰ τὴν δίκην.

Ὡς ποιοῦ σημεῖον ἀφιχθη ὁ σπουδαστὴς εἰς τὴν οἰκίαν τῆς φίλης του ἐξηγήθη κατὰ τὴν δίκην.

Ὡς ποιοῦ σημεῖον ἀφιχθη ὁ σπουδαστὴς εἰς τὴν οἰκίαν τῆς φίλης του ἐξηγήθη κατὰ τὴν δίκην.

Ὡς ποιοῦ σημεῖον ἀφιχθη ὁ σπουδαστὴς εἰς τὴν οἰκίαν τῆς φίλης του ἐξηγήθη κατὰ τὴν δίκην.

ΚΑΤΕΝΟΗΘΗΣΑΝ ΚΑΙ ΕΥΡΟΝ ΤΗΝ ΛΥΣΙΝ ΤΩΝ ΠΟΛΛΑ ΠΡΟΒΛΗΜΑΤΑ ΤΗΣ ΜΟΝΗΣ ΤΟΥ ΣΙΝΑ

ΑΘΗΝΑΙ, 10.— Ἡ ἀρχιεπισκοπὴ τοῦ Σινᾶ ἀνεκοίνωσεν ὅτι ἐλύθησαν τὰ προβλήματα τῆς Μονῆς.

ΑΘΗΝΑΙ, 10.— Ἡ ἀρχιεπισκοπὴ τοῦ Σινᾶ ἀνεκοίνωσεν ὅτι ἐλύθησαν τὰ προβλήματα τῆς Μονῆς.

ΑΘΗΝΑΙ, 10.— Ἡ ἀρχιεπισκοπὴ τοῦ Σινᾶ ἀνεκοίνωσεν ὅτι ἐλύθησαν τὰ προβλήματα τῆς Μονῆς.

ΑΘΗΝΑΙ, 10.— Ἡ ἀρχιεπισκοπὴ τοῦ Σινᾶ ἀνεκοίνωσεν ὅτι ἐλύθησαν τὰ προβλήματα τῆς Μονῆς.

ΑΘΗΝΑΙ, 10.— Ἡ ἀρχιεπισκοπὴ τοῦ Σινᾶ ἀνεκοίνωσεν ὅτι ἐλύθησαν τὰ προβλήματα τῆς Μονῆς.

ΑΘΗΝΑΙ, 10.— Ἡ ἀρχιεπισκοπὴ τοῦ Σινᾶ ἀνεκοίνωσεν ὅτι ἐλύθησαν τὰ προβλήματα τῆς Μονῆς.

Ο ΡΑΙΗ ΕΧΕΙ ΔΙΚΑΙΩΜΑ ΜΟΝΟΝ ΜΕΤΑ 33 ΕΤΗ ΝΑ ΥΠΟΒΑΛΗ ΑΙΤΗΣΙΝ ΑΠΟΝΟΜΗΣ ΧΑΡΙΤΟΣ
ΣΥΝΕΧΕΙΑ ΕΚ ΤΗΣ 1ης ΣΕΛ.

Ὁ καταδικασθεὶς δύναται νὰ ὑποβάλῃ αἴτησιν χάριτος μόνον μετὰ τὴν πάροδον 33 ἐτῶν.

Ὁ καταδικασθεὶς δύναται νὰ ὑποβάλῃ αἴτησιν χάριτος μόνον μετὰ τὴν πάροδον 33 ἐτῶν.

Ο ΜΟΝΟΣ ΤΡΟΠΟΣ ΣΩΤΗΡΙΑΣ

Ὁ καταδικασθεὶς δύναται νὰ ὑποβάλῃ αἴτησιν χάριτος μόνον μετὰ τὴν πάροδον 33 ἐτῶν.

Ὁ καταδικασθεὶς δύναται νὰ ὑποβάλῃ αἴτησιν χάριτος μόνον μετὰ τὴν πάροδον 33 ἐτῶν.

Η ΑΙΤΗΣΙΣ ΧΑΡΙΤΟΣ

Ὁ καταδικασθεὶς δύναται νὰ ὑποβάλῃ αἴτησιν χάριτος μόνον μετὰ τὴν πάροδον 33 ἐτῶν.

Ὁ καταδικασθεὶς δύναται νὰ ὑποβάλῃ αἴτησιν χάριτος μόνον μετὰ τὴν πάροδον 33 ἐτῶν.

ΝΕΑΙ ΕΡΕΥΝΑΙ

Ὁ καταδικασθεὶς δύναται νὰ ὑποβάλῃ αἴτησιν χάριτος μόνον μετὰ τὴν πάροδον 33 ἐτῶν.

Ὁ καταδικασθεὶς δύναται νὰ ὑποβάλῃ αἴτησιν χάριτος μόνον μετὰ τὴν πάροδον 33 ἐτῶν.

Ὁ καταδικασθεὶς δύναται νὰ ὑποβάλῃ αἴτησιν χάριτος μόνον μετὰ τὴν πάροδον 33 ἐτῶν.
